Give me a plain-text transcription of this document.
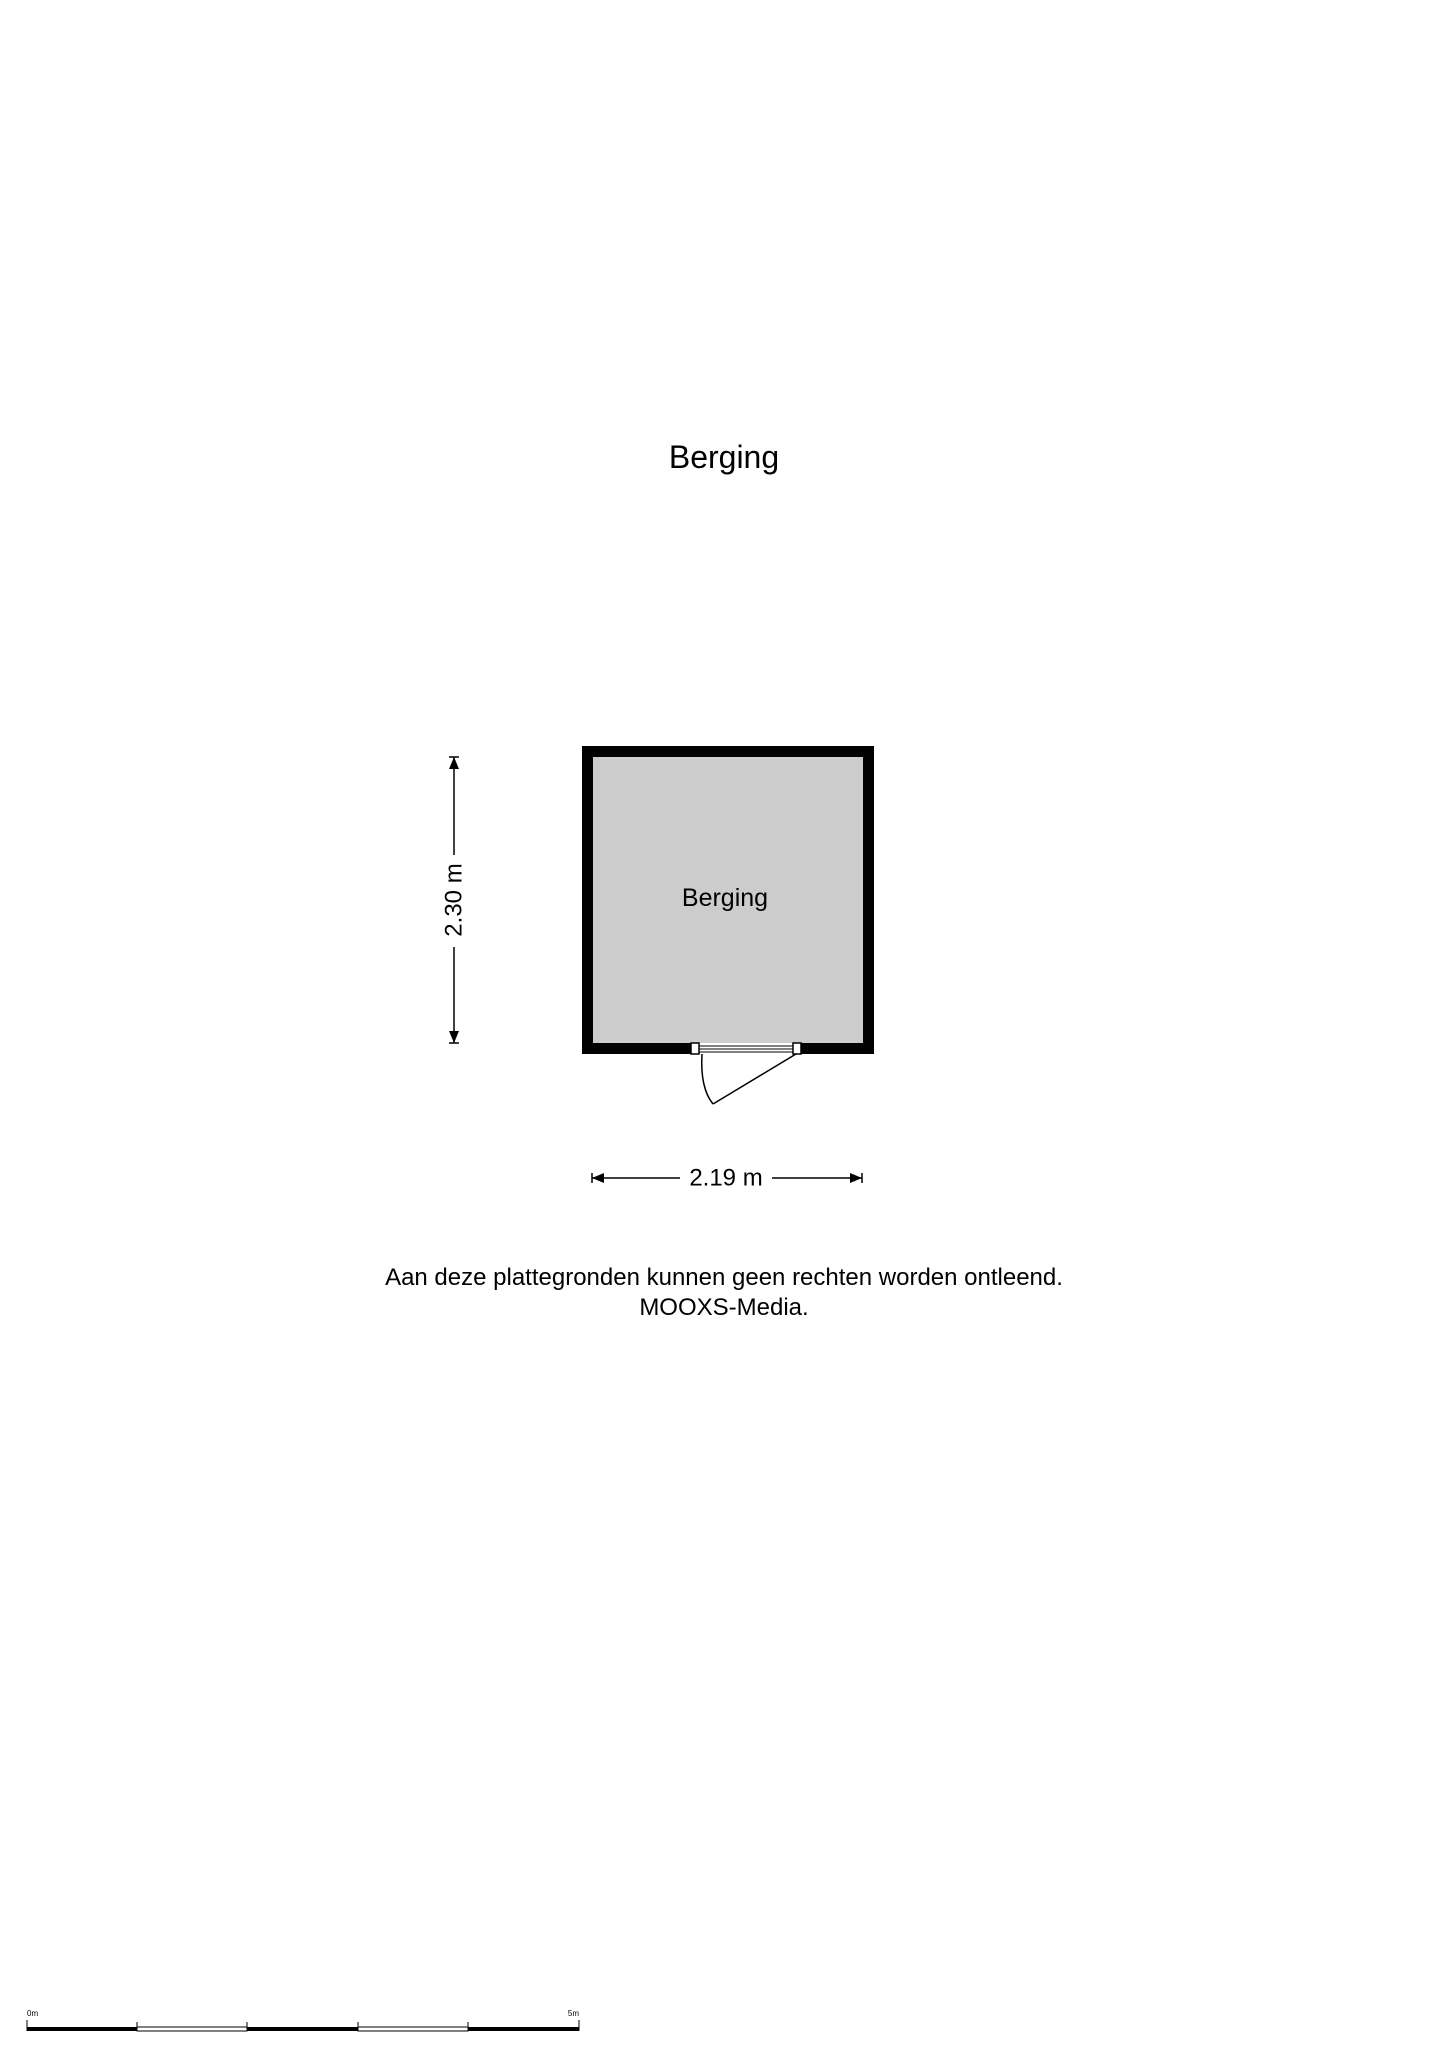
Berging
2.30 m
2.19 m
Berging
0m	5m
Aan deze plattegronden kunnen geen rechten worden ontleend.
MOOXS-Media.
